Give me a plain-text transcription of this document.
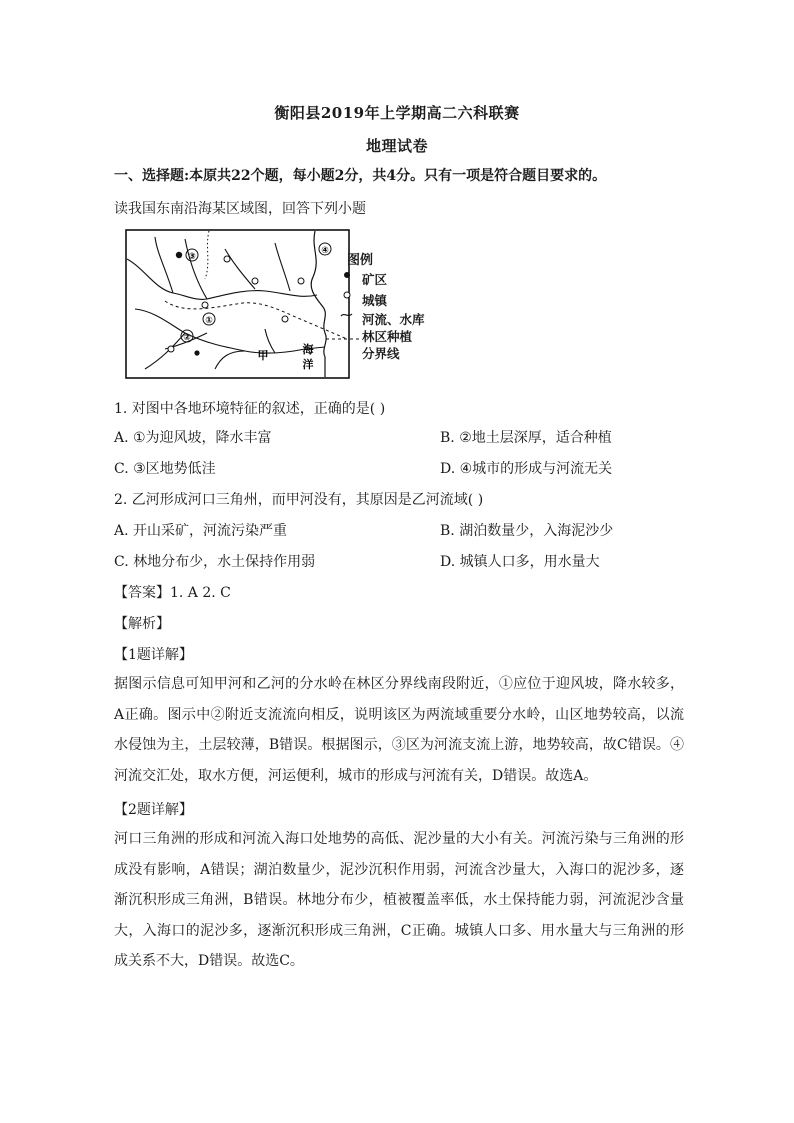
衡阳县2019年上学期高二六科联赛
地理试卷
一、选择题:本原共22个题，每小题2分，共4分。只有一项是符合题目要求的。
读我国东南沿海某区域图，回答下列小题
③
①
②
④
甲	海
洋
图例
矿区
城镇
河流、水库
林区种植
分界线
1. 对图中各地环境特征的叙述，正确的是( )
A. ①为迎风坡，降水丰富	B. ②地土层深厚，适合种植
C. ③区地势低洼	D. ④城市的形成与河流无关
2. 乙河形成河口三角州，而甲河没有，其原因是乙河流域( )
A. 开山采矿，河流污染严重	B. 湖泊数量少，入海泥沙少
C. 林地分布少，水土保持作用弱	D. 城镇人口多，用水量大
【答案】1. A 2. C
【解析】
【1题详解】
据图示信息可知甲河和乙河的分水岭在林区分界线南段附近，①应位于迎风坡，降水较多，A正确。图示中②附近支流流向相反，说明该区为两流域重要分水岭，山区地势较高，以流水侵蚀为主，土层较薄，B错误。根据图示，③区为河流支流上游，地势较高，故C错误。④河流交汇处，取水方便，河运便利，城市的形成与河流有关，D错误。故选A。
【2题详解】
河口三角洲的形成和河流入海口处地势的高低、泥沙量的大小有关。河流污染与三角洲的形成没有影响，A错误；湖泊数量少，泥沙沉积作用弱，河流含沙量大，入海口的泥沙多，逐渐沉积形成三角洲，B错误。林地分布少，植被覆盖率低，水土保持能力弱，河流泥沙含量大，入海口的泥沙多，逐渐沉积形成三角洲，C正确。城镇人口多、用水量大与三角洲的形成关系不大，D错误。故选C。
